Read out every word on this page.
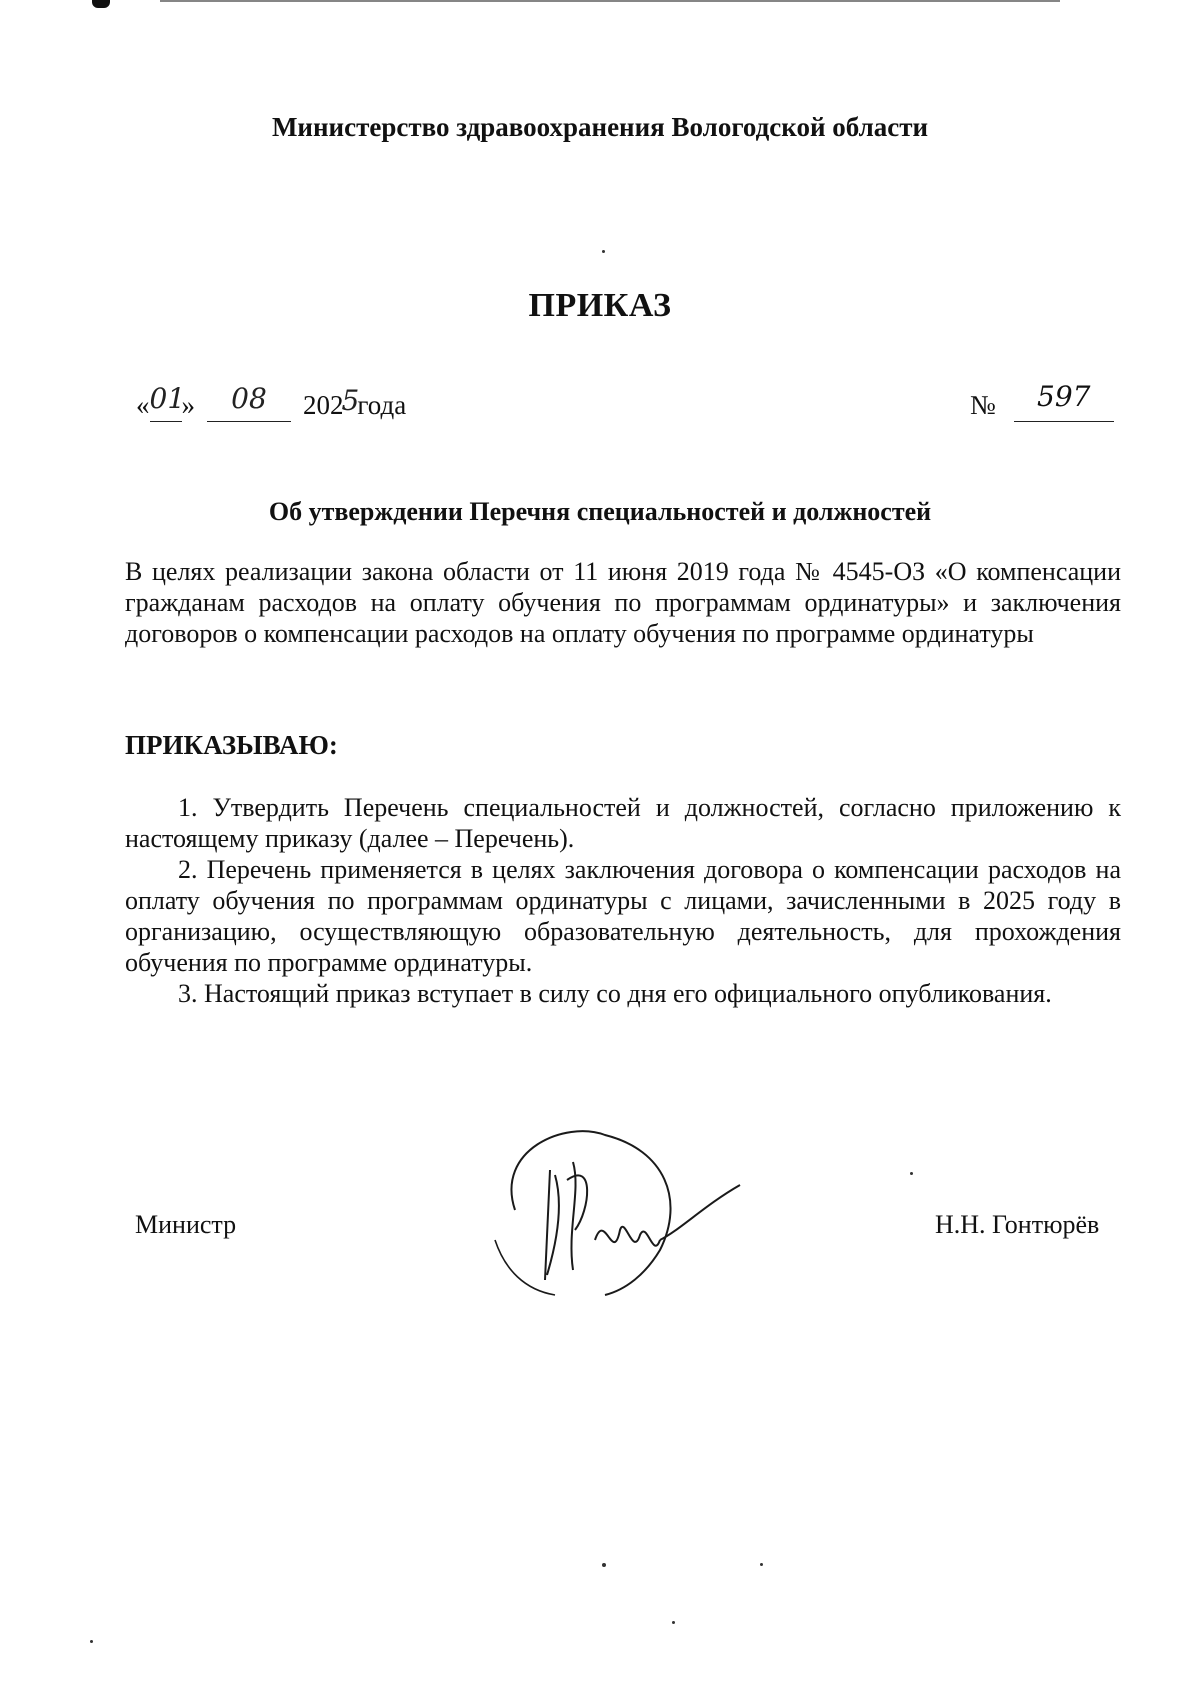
Министерство здравоохранения Вологодской области
ПРИКАЗ
«01» 08 2025года	№ 597
Об утверждении Перечня специальностей и должностей
В целях реализации закона области от 11 июня 2019 года № 4545-ОЗ «О компенсации гражданам расходов на оплату обучения по программам ординатуры» и заключения договоров о компенсации расходов на оплату обучения по программе ординатуры
ПРИКАЗЫВАЮ:

1. Утвердить Перечень специальностей и должностей, согласно приложению к настоящему приказу (далее – Перечень).

2. Перечень применяется в целях заключения договора о компенсации расходов на оплату обучения по программам ординатуры с лицами, зачисленными в 2025 году в организацию, осуществляющую образовательную деятельность, для прохождения обучения по программе ординатуры.

3. Настоящий приказ вступает в силу со дня его официального опубликования.

Министр	Н.Н. Гонтюрёв
